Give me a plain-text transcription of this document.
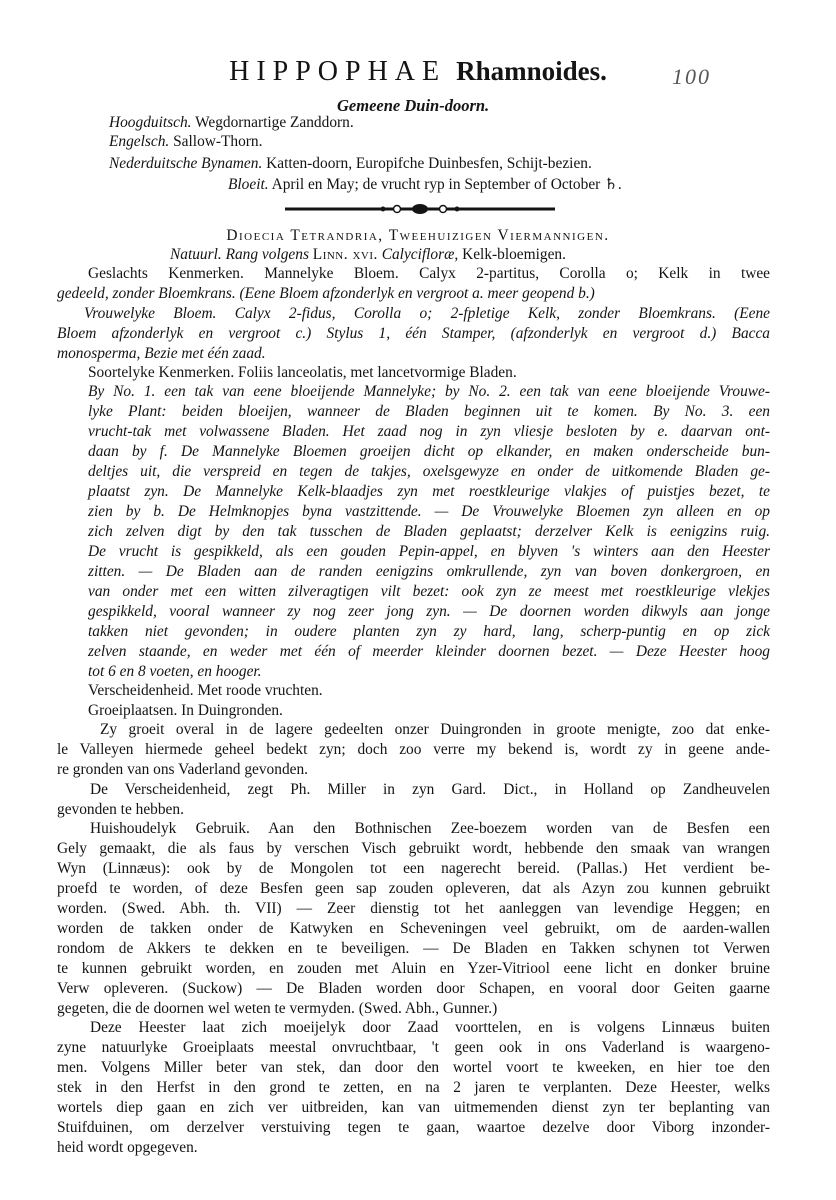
HIPPOPHAE Rhamnoides.	100
Gemeene Duin-doorn.
Hoogduitsch. Wegdornartige Zanddorn.
Engelsch. Sallow-Thorn.
Nederduitsche Bynamen. Katten-doorn, Europifche Duinbesfen, Schijt-bezien.
Bloeit. April en May; de vrucht ryp in September of October ♄.
Dioecia Tetrandria, Tweehuizigen Viermannigen.
Natuurl. Rang volgens Linn. xvi. Calycifloræ, Kelk-bloemigen.
Geslachts Kenmerken. Mannelyke Bloem. Calyx 2-partitus, Corolla o; Kelk in twee
gedeeld, zonder Bloemkrans. (Eene Bloem afzonderlyk en vergroot a. meer geopend b.)
Vrouwelyke Bloem. Calyx 2-fidus, Corolla o; 2-fpletige Kelk, zonder Bloemkrans. (Eene
Bloem afzonderlyk en vergroot c.) Stylus 1, één Stamper, (afzonderlyk en vergroot d.) Bacca
monosperma, Bezie met één zaad.
Soortelyke Kenmerken. Foliis lanceolatis, met lancetvormige Bladen.
By No. 1. een tak van eene bloeijende Mannelyke; by No. 2. een tak van eene bloeijende Vrouwe-
lyke Plant: beiden bloeijen, wanneer de Bladen beginnen uit te komen. By No. 3. een
vrucht-tak met volwassene Bladen. Het zaad nog in zyn vliesje besloten by e. daarvan ont-
daan by f. De Mannelyke Bloemen groeijen dicht op elkander, en maken onderscheide bun-
deltjes uit, die verspreid en tegen de takjes, oxelsgewyze en onder de uitkomende Bladen ge-
plaatst zyn. De Mannelyke Kelk-blaadjes zyn met roestkleurige vlakjes of puistjes bezet, te
zien by b. De Helmknopjes byna vastzittende. — De Vrouwelyke Bloemen zyn alleen en op
zich zelven digt by den tak tusschen de Bladen geplaatst; derzelver Kelk is eenigzins ruig.
De vrucht is gespikkeld, als een gouden Pepin-appel, en blyven 's winters aan den Heester
zitten. — De Bladen aan de randen eenigzins omkrullende, zyn van boven donkergroen, en
van onder met een witten zilveragtigen vilt bezet: ook zyn ze meest met roestkleurige vlekjes
gespikkeld, vooral wanneer zy nog zeer jong zyn. — De doornen worden dikwyls aan jonge
takken niet gevonden; in oudere planten zyn zy hard, lang, scherp-puntig en op zick
zelven staande, en weder met één of meerder kleinder doornen bezet. — Deze Heester hoog
tot 6 en 8 voeten, en hooger.
Verscheidenheid. Met roode vruchten.
Groeiplaatsen. In Duingronden.
Zy groeit overal in de lagere gedeelten onzer Duingronden in groote menigte, zoo dat enke-
le Valleyen hiermede geheel bedekt zyn; doch zoo verre my bekend is, wordt zy in geene ande-
re gronden van ons Vaderland gevonden.
De Verscheidenheid, zegt Ph. Miller in zyn Gard. Dict., in Holland op Zandheuvelen
gevonden te hebben.
Huishoudelyk Gebruik. Aan den Bothnischen Zee-boezem worden van de Besfen een
Gely gemaakt, die als faus by verschen Visch gebruikt wordt, hebbende den smaak van wrangen
Wyn (Linnæus): ook by de Mongolen tot een nagerecht bereid. (Pallas.) Het verdient be-
proefd te worden, of deze Besfen geen sap zouden opleveren, dat als Azyn zou kunnen gebruikt
worden. (Swed. Abh. th. VII) — Zeer dienstig tot het aanleggen van levendige Heggen; en
worden de takken onder de Katwyken en Scheveningen veel gebruikt, om de aarden-wallen
rondom de Akkers te dekken en te beveiligen. — De Bladen en Takken schynen tot Verwen
te kunnen gebruikt worden, en zouden met Aluin en Yzer-Vitriool eene licht en donker bruine
Verw opleveren. (Suckow) — De Bladen worden door Schapen, en vooral door Geiten gaarne
gegeten, die de doornen wel weten te vermyden. (Swed. Abh., Gunner.)
Deze Heester laat zich moeijelyk door Zaad voorttelen, en is volgens Linnæus buiten
zyne natuurlyke Groeiplaats meestal onvruchtbaar, 't geen ook in ons Vaderland is waargeno-
men. Volgens Miller beter van stek, dan door den wortel voort te kweeken, en hier toe den
stek in den Herfst in den grond te zetten, en na 2 jaren te verplanten. Deze Heester, welks
wortels diep gaan en zich ver uitbreiden, kan van uitmemenden dienst zyn ter beplanting van
Stuifduinen, om derzelver verstuiving tegen te gaan, waartoe dezelve door Viborg inzonder-
heid wordt opgegeven.
